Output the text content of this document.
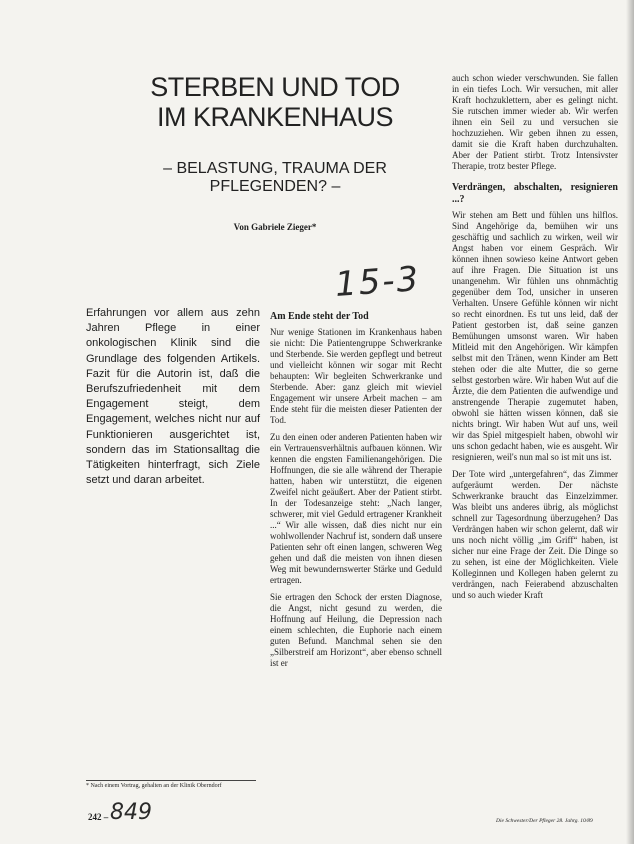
STERBEN UND TOD
IM KRANKENHAUS
– BELASTUNG, TRAUMA DER
PFLEGENDEN? –
Von Gabriele Zieger*
15-3
Erfahrungen vor allem aus zehn Jahren Pflege in einer onkologischen Klinik sind die Grundlage des folgenden Artikels. Fazit für die Autorin ist, daß die Berufszufriedenheit mit dem Engagement steigt, dem Engagement, welches nicht nur auf Funktionieren ausgerichtet ist, sondern das im Stationsalltag die Tätigkeiten hinterfragt, sich Ziele setzt und daran arbeitet.
Am Ende steht der Tod

Nur wenige Stationen im Krankenhaus haben sie nicht: Die Patientengruppe Schwerkranke und Sterbende. Sie werden gepflegt und betreut und vielleicht können wir sogar mit Recht behaupten: Wir begleiten Schwerkranke und Sterbende. Aber: ganz gleich mit wieviel Engagement wir unsere Arbeit machen – am Ende steht für die meisten dieser Patienten der Tod.

Zu den einen oder anderen Patienten haben wir ein Vertrauensverhältnis aufbauen können. Wir kennen die engsten Familienangehörigen. Die Hoffnungen, die sie alle während der Therapie hatten, haben wir unterstützt, die eigenen Zweifel nicht geäußert. Aber der Patient stirbt. In der Todesanzeige steht: „Nach langer, schwerer, mit viel Geduld ertragener Krankheit ...“ Wir alle wissen, daß dies nicht nur ein wohlwollender Nachruf ist, sondern daß unsere Patienten sehr oft einen langen, schweren Weg gehen und daß die meisten von ihnen diesen Weg mit bewundernswerter Stärke und Geduld ertragen.

Sie ertragen den Schock der ersten Diagnose, die Angst, nicht gesund zu werden, die Hoffnung auf Heilung, die Depression nach einem schlechten, die Euphorie nach einem guten Befund. Manchmal sehen sie den „Silberstreif am Horizont“, aber ebenso schnell ist er

auch schon wieder verschwunden. Sie fallen in ein tiefes Loch. Wir versuchen, mit aller Kraft hochzuklettern, aber es gelingt nicht. Sie rutschen immer wieder ab. Wir werfen ihnen ein Seil zu und versuchen sie hochzuziehen. Wir geben ihnen zu essen, damit sie die Kraft haben durchzuhalten. Aber der Patient stirbt. Trotz Intensivster Therapie, trotz bester Pflege.

Verdrängen, abschalten, resignieren ...?

Wir stehen am Bett und fühlen uns hilflos. Sind Angehörige da, bemühen wir uns geschäftig und sachlich zu wirken, weil wir Angst haben vor einem Gespräch. Wir können ihnen sowieso keine Antwort geben auf ihre Fragen. Die Situation ist uns unangenehm. Wir fühlen uns ohnmächtig gegenüber dem Tod, unsicher in unseren Verhalten. Unsere Gefühle können wir nicht so recht einordnen. Es tut uns leid, daß der Patient gestorben ist, daß seine ganzen Bemühungen umsonst waren. Wir haben Mitleid mit den Angehörigen. Wir kämpfen selbst mit den Tränen, wenn Kinder am Bett stehen oder die alte Mutter, die so gerne selbst gestorben wäre. Wir haben Wut auf die Ärzte, die dem Patienten die aufwendige und anstrengende Therapie zugemutet haben, obwohl sie hätten wissen können, daß sie nichts bringt. Wir haben Wut auf uns, weil wir das Spiel mitgespielt haben, obwohl wir uns schon gedacht haben, wie es ausgeht. Wir resignieren, weil's nun mal so ist mit uns ist.

Der Tote wird „untergefahren“, das Zimmer aufgeräumt werden. Der nächste Schwerkranke braucht das Einzelzimmer. Was bleibt uns anderes übrig, als möglichst schnell zur Tagesordnung überzugehen? Das Verdrängen haben wir schon gelernt, daß wir uns noch nicht völlig „im Griff“ haben, ist sicher nur eine Frage der Zeit. Die Dinge so zu sehen, ist eine der Möglichkeiten. Viele Kolleginnen und Kollegen haben gelernt zu verdrängen, nach Feierabend abzuschalten und so auch wieder Kraft

* Nach einem Vortrag, gehalten an der Klinik Oberndorf
242 – 849	Die Schwester/Der Pfleger 28. Jahrg. 10/89
